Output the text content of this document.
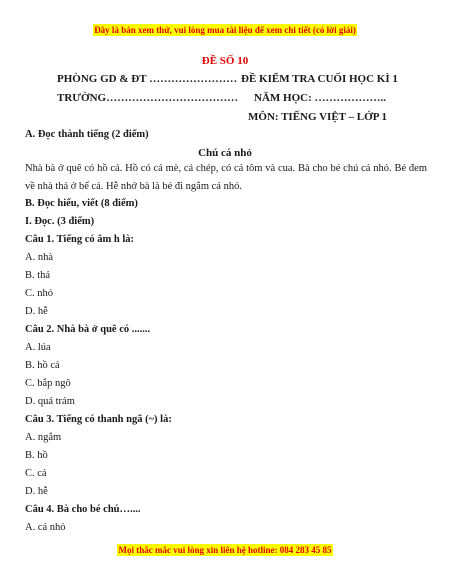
Đây là bản xem thử, vui lòng mua tài liệu để xem chi tiết (có lời giải)
ĐỀ SỐ 10
PHÒNG GD & ĐT …………………… ĐỀ KIỂM TRA CUỐI HỌC KÌ 1
TRƯỜNG……………………………… NĂM HỌC: ………………..
MÔN: TIẾNG VIỆT – LỚP 1
A. Đọc thành tiếng (2 điểm)
Chú cá nhỏ
Nhà bà ở quê có hồ cá. Hồ có cá mè, cá chép, có cá tôm và cua. Bà cho bé chú cá nhỏ. Bé đem về nhà thả ở bể cá. Hễ nhớ bà là bé đi ngắm cá nhỏ.
B. Đọc hiểu, viết (8 điểm)
I. Đọc. (3 điểm)
Câu 1. Tiếng có âm h là:
A. nhà
B. thả
C. nhỏ
D. hễ
Câu 2. Nhà bà ở quê có .......
A. lúa
B. hồ cá
C. bắp ngô
D. quả trám
Câu 3. Tiếng có thanh ngã (~) là:
A. ngắm
B. hồ
C. cả
D. hễ
Câu 4. Bà cho bé chú…....
A. cá nhỏ
Mọi thắc mắc vui lòng xin liên hệ hotline: 084 283 45 85
